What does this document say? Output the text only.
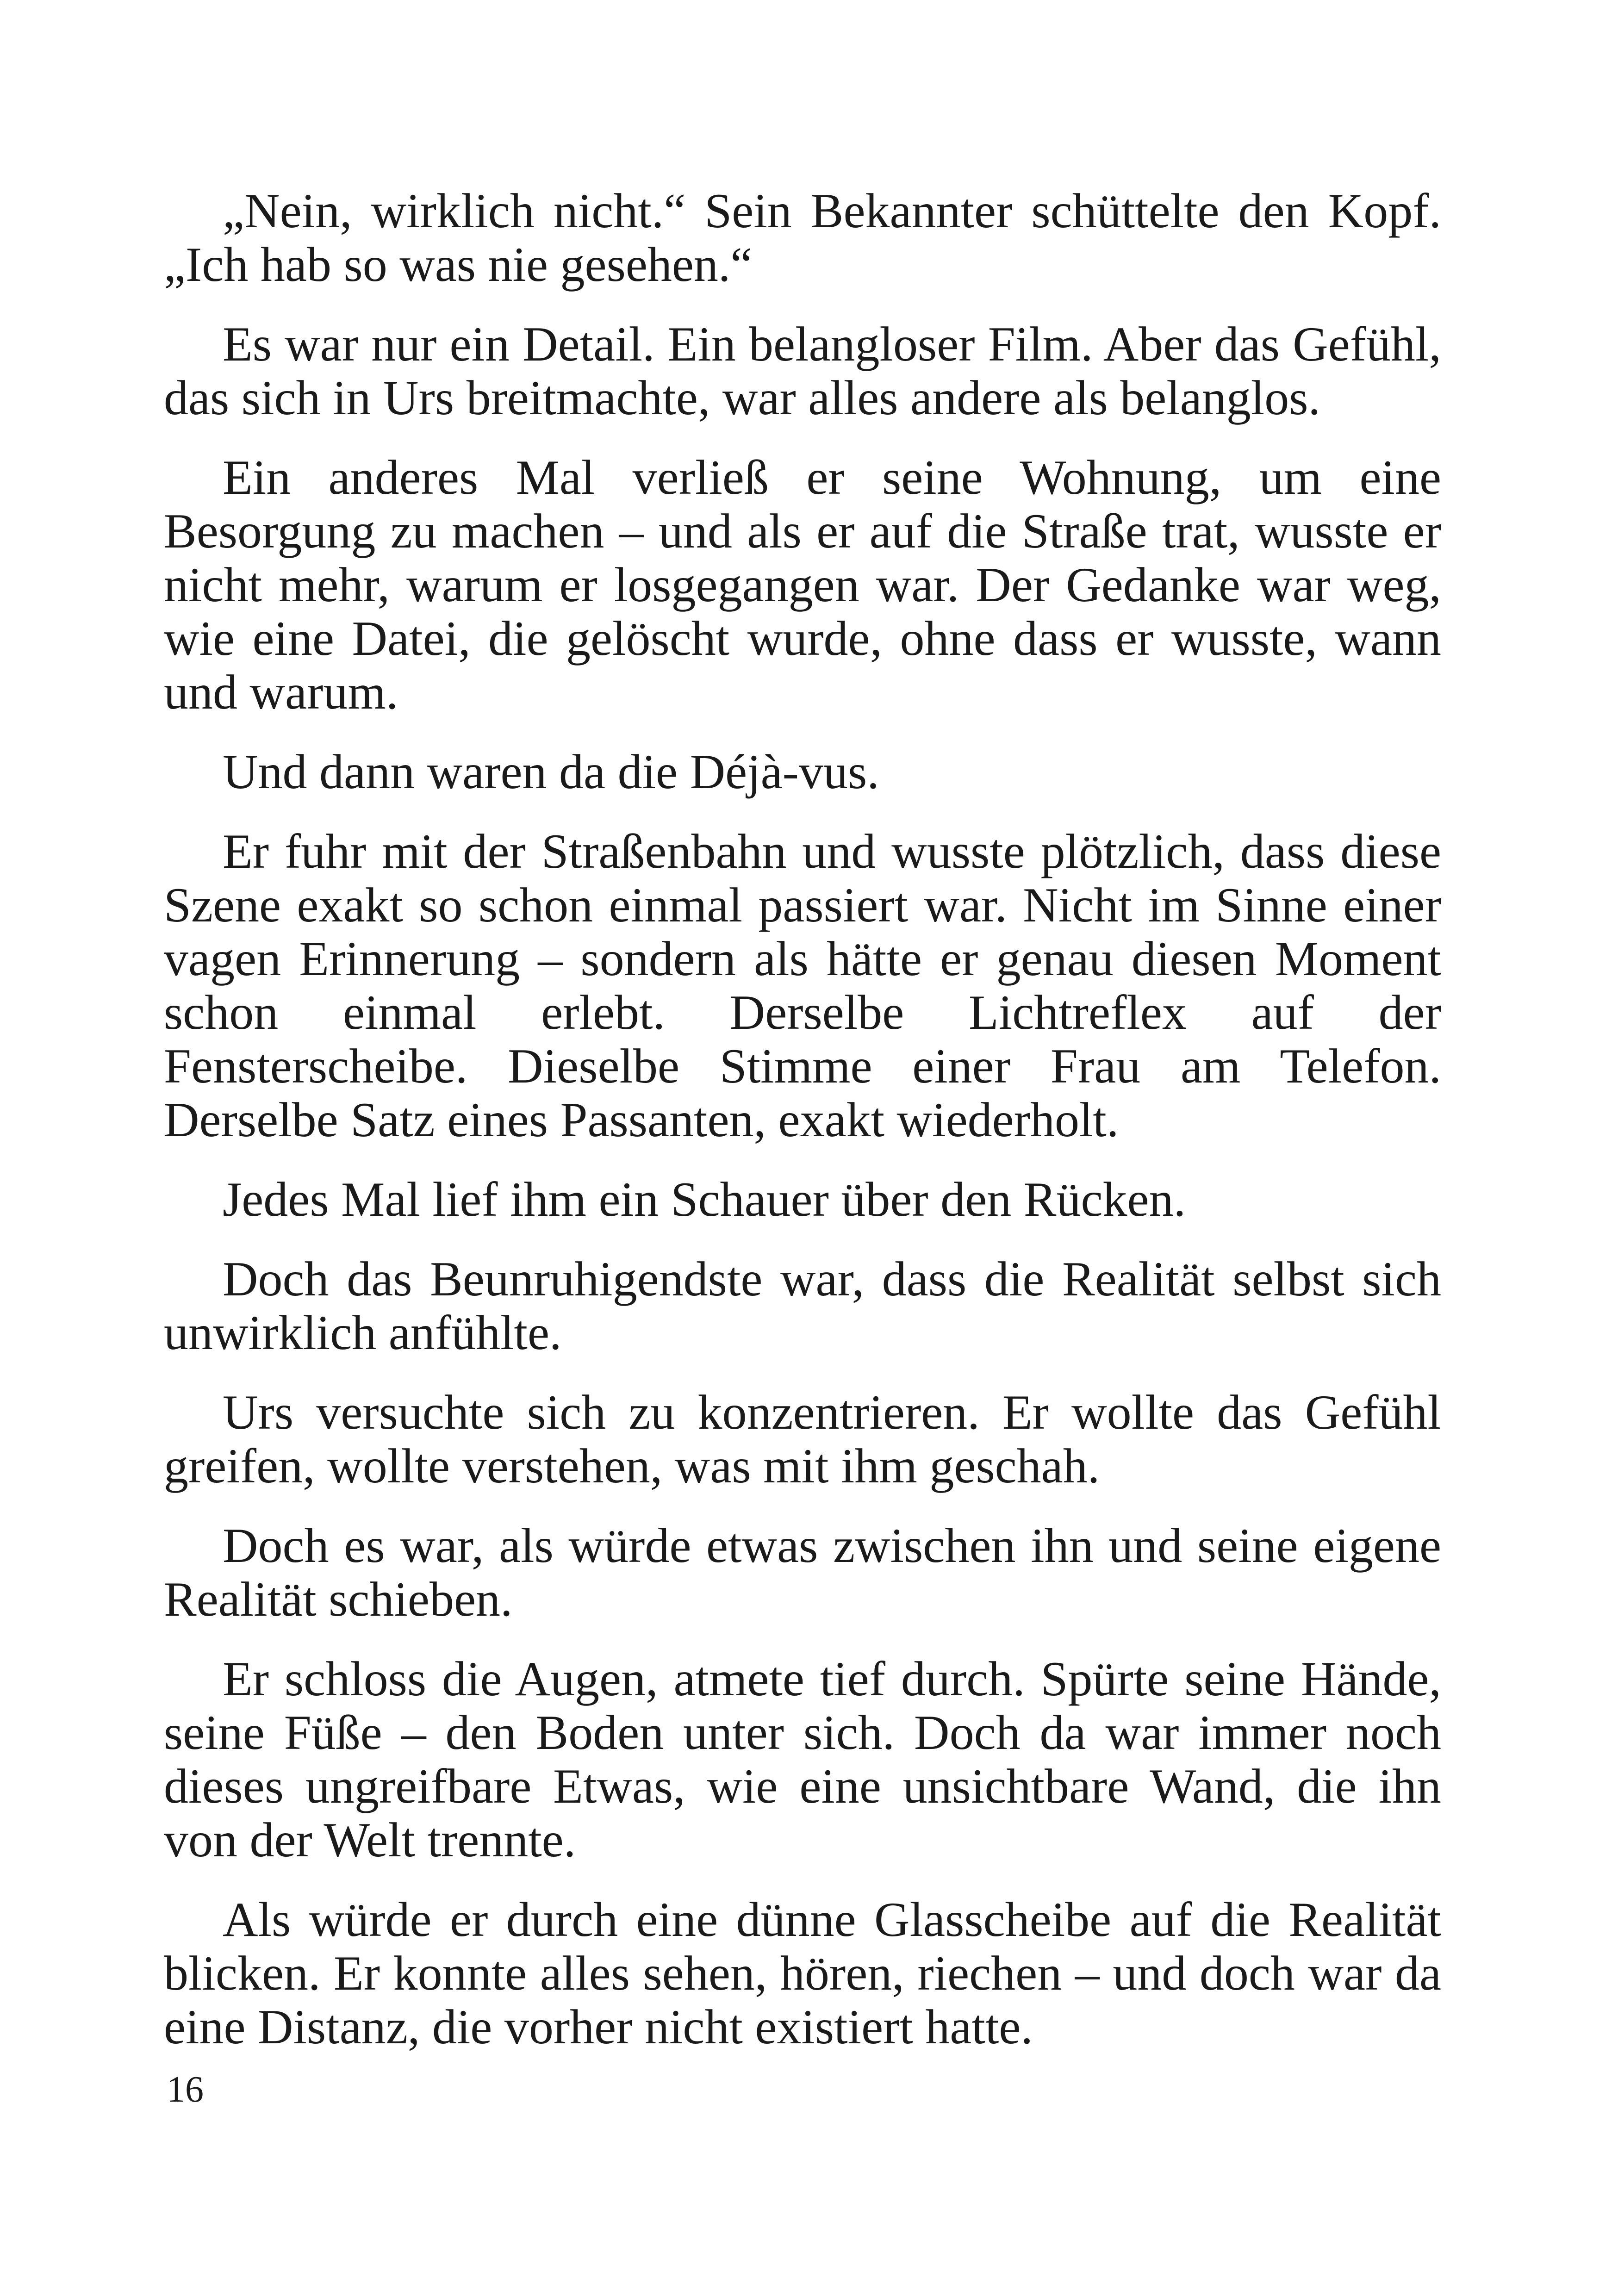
„Nein, wirklich nicht.“ Sein Bekannter schüttelte den Kopf. „Ich hab so was nie gesehen.“

Es war nur ein Detail. Ein belangloser Film. Aber das Gefühl, das sich in Urs breitmachte, war alles andere als belanglos.

Ein anderes Mal verließ er seine Wohnung, um eine Besorgung zu machen – und als er auf die Straße trat, wusste er nicht mehr, warum er losgegangen war. Der Gedanke war weg, wie eine Datei, die gelöscht wurde, ohne dass er wusste, wann und warum.

Und dann waren da die Déjà-vus.

Er fuhr mit der Straßenbahn und wusste plötzlich, dass diese Szene exakt so schon einmal passiert war. Nicht im Sinne einer vagen Erinnerung – sondern als hätte er genau diesen Moment schon einmal erlebt. Derselbe Lichtreflex auf der Fensterscheibe. Dieselbe Stimme einer Frau am Telefon. Derselbe Satz eines Passanten, exakt wiederholt.

Jedes Mal lief ihm ein Schauer über den Rücken.

Doch das Beunruhigendste war, dass die Realität selbst sich unwirklich anfühlte.

Urs versuchte sich zu konzentrieren. Er wollte das Gefühl greifen, wollte verstehen, was mit ihm geschah.

Doch es war, als würde etwas zwischen ihn und seine eigene Realität schieben.

Er schloss die Augen, atmete tief durch. Spürte seine Hände, seine Füße – den Boden unter sich. Doch da war immer noch dieses ungreifbare Etwas, wie eine unsichtbare Wand, die ihn von der Welt trennte.

Als würde er durch eine dünne Glasscheibe auf die Realität blicken. Er konnte alles sehen, hören, riechen – und doch war da eine Distanz, die vorher nicht existiert hatte.

16
